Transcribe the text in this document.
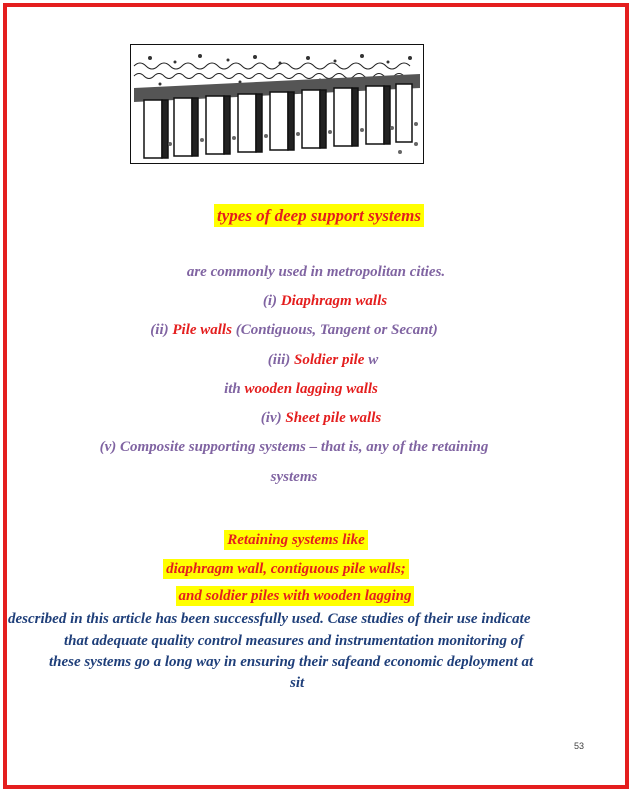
types of deep support systems
are commonly used in metropolitan cities.
(i) Diaphragm walls
(ii) Pile walls (Contiguous, Tangent or Secant)
(iii) Soldier pile w
ith wooden lagging walls
(iv) Sheet pile walls
(v) Composite supporting systems – that is, any of the retaining
systems
Retaining systems like
diaphragm wall, contiguous pile walls;
and soldier piles with wooden lagging
described in this article has been successfully used. Case studies of their use indicate
that adequate quality control measures and instrumentation monitoring of
these systems go a long way in ensuring their safeand economic deployment at
sit
53
